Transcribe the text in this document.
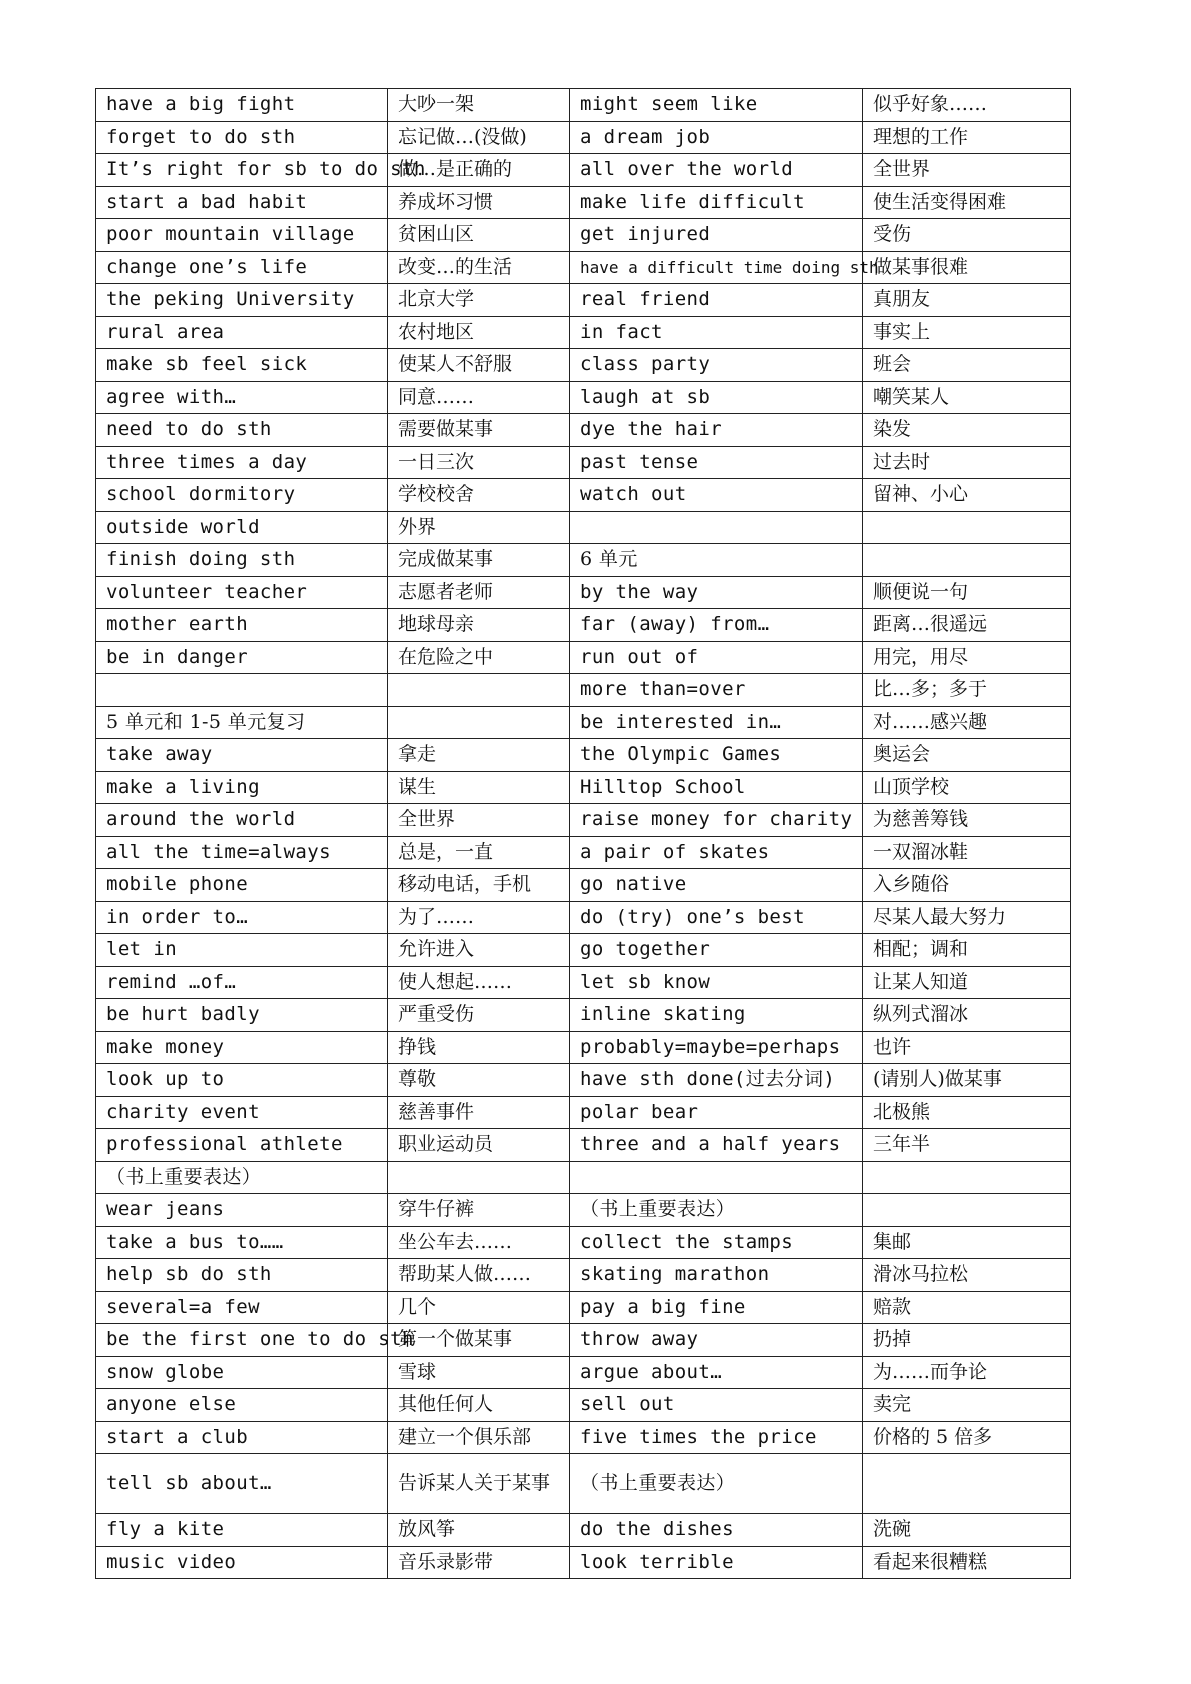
have a big fight	大吵一架	might seem like	似乎好象……
forget to do sth	忘记做…(没做)	a dream job	理想的工作
It’s right for sb to do sth	做…是正确的	all over the world	全世界
start a bad habit	养成坏习惯	make life difficult	使生活变得困难
poor mountain village	贫困山区	get injured	受伤
change one’s life	改变…的生活	have a difficult time doing sth	做某事很难
the peking University	北京大学	real friend	真朋友
rural area	农村地区	in fact	事实上
make sb feel sick	使某人不舒服	class party	班会
agree with…	同意……	laugh at sb	嘲笑某人
need to do sth	需要做某事	dye the hair	染发
three times a day	一日三次	past tense	过去时
school dormitory	学校校舍	watch out	留神、小心
outside world	外界		
finish doing sth	完成做某事	6 单元	
volunteer teacher	志愿者老师	by the way	顺便说一句
mother earth	地球母亲	far (away) from…	距离…很遥远
be in danger	在危险之中	run out of	用完，用尽
		more than=over	比…多；多于
5 单元和 1-5 单元复习		be interested in…	对……感兴趣
take away	拿走	the Olympic Games	奥运会
make a living	谋生	Hilltop School	山顶学校
around the world	全世界	raise money for charity	为慈善筹钱
all the time=always	总是，一直	a pair of skates	一双溜冰鞋
mobile phone	移动电话，手机	go native	入乡随俗
in order to…	为了……	do (try) one’s best	尽某人最大努力
let in	允许进入	go together	相配；调和
remind …of…	使人想起……	let sb know	让某人知道
be hurt badly	严重受伤	inline skating	纵列式溜冰
make money	挣钱	probably=maybe=perhaps	也许
look up to	尊敬	have sth done(过去分词)	(请别人)做某事
charity event	慈善事件	polar bear	北极熊
professional athlete	职业运动员	three and a half years	三年半
（书上重要表达）			
wear jeans	穿牛仔裤	（书上重要表达）	
take a bus to……	坐公车去……	collect the stamps	集邮
help sb do sth	帮助某人做……	skating marathon	滑冰马拉松
several=a few	几个	pay a big fine	赔款
be the first one to do sth	第一个做某事	throw away	扔掉
snow globe	雪球	argue about…	为……而争论
anyone else	其他任何人	sell out	卖完
start a club	建立一个俱乐部	five times the price	价格的 5 倍多
tell sb about…	告诉某人关于某事	（书上重要表达）	
fly a kite	放风筝	do the dishes	洗碗
music video	音乐录影带	look terrible	看起来很糟糕
